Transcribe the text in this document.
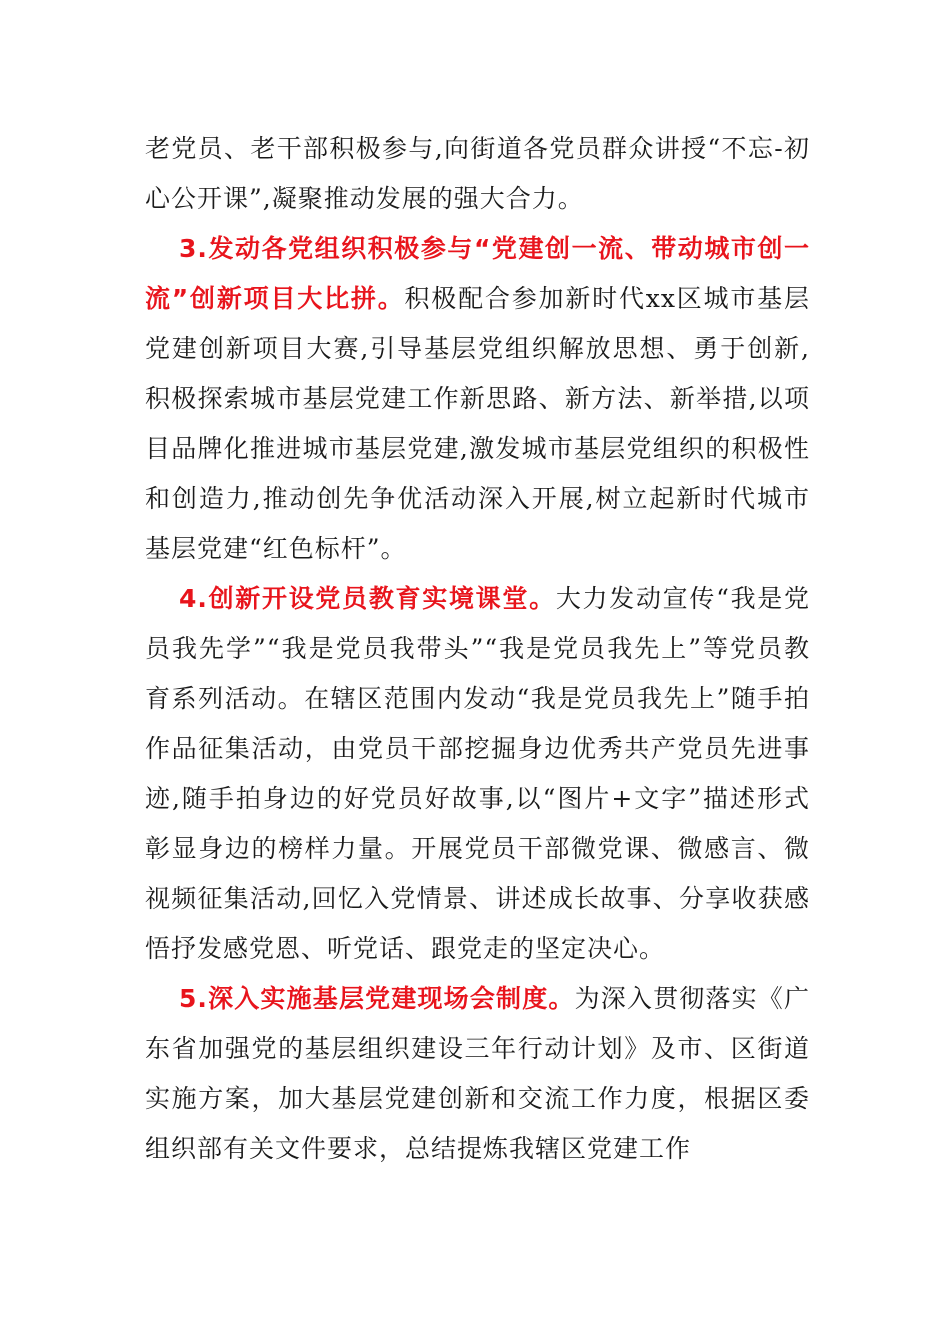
老党员、老干部积极参与,向街道各党员群众讲授“不忘-初心公开课”,凝聚推动发展的强大合力。

3.发动各党组织积极参与“党建创一流、带动城市创一流”创新项目大比拼。积极配合参加新时代xx区城市基层党建创新项目大赛,引导基层党组织解放思想、勇于创新,积极探索城市基层党建工作新思路、新方法、新举措,以项目品牌化推进城市基层党建,激发城市基层党组织的积极性和创造力,推动创先争优活动深入开展,树立起新时代城市基层党建“红色标杆”。

4.创新开设党员教育实境课堂。大力发动宣传“我是党员我先学”“我是党员我带头”“我是党员我先上”等党员教育系列活动。在辖区范围内发动“我是党员我先上”随手拍作品征集活动，由党员干部挖掘身边优秀共产党员先进事迹,随手拍身边的好党员好故事,以“图片+文字”描述形式彰显身边的榜样力量。开展党员干部微党课、微感言、微视频征集活动,回忆入党情景、讲述成长故事、分享收获感悟抒发感党恩、听党话、跟党走的坚定决心。

5.深入实施基层党建现场会制度。为深入贯彻落实《广东省加强党的基层组织建设三年行动计划》及市、区街道实施方案，加大基层党建创新和交流工作力度，根据区委组织部有关文件要求，总结提炼我辖区党建工作
